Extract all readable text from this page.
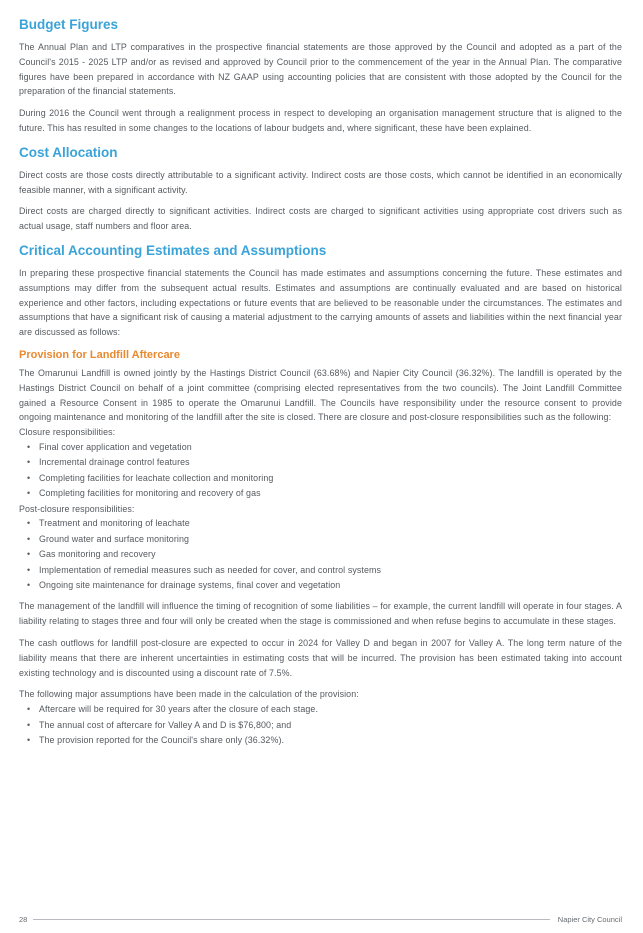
Budget Figures

The Annual Plan and LTP comparatives in the prospective financial statements are those approved by the Council and adopted as a part of the Council's 2015 - 2025 LTP and/or as revised and approved by Council prior to the commencement of the year in the Annual Plan. The comparative figures have been prepared in accordance with NZ GAAP using accounting policies that are consistent with those adopted by the Council for the preparation of the financial statements.

During 2016 the Council went through a realignment process in respect to developing an organisation management structure that is aligned to the future. This has resulted in some changes to the locations of labour budgets and, where significant, these have been explained.

Cost Allocation

Direct costs are those costs directly attributable to a significant activity. Indirect costs are those costs, which cannot be identified in an economically feasible manner, with a significant activity.

Direct costs are charged directly to significant activities. Indirect costs are charged to significant activities using appropriate cost drivers such as actual usage, staff numbers and floor area.

Critical Accounting Estimates and Assumptions

In preparing these prospective financial statements the Council has made estimates and assumptions concerning the future. These estimates and assumptions may differ from the subsequent actual results. Estimates and assumptions are continually evaluated and are based on historical experience and other factors, including expectations or future events that are believed to be reasonable under the circumstances. The estimates and assumptions that have a significant risk of causing a material adjustment to the carrying amounts of assets and liabilities within the next financial year are discussed as follows:

Provision for Landfill Aftercare

The Omarunui Landfill is owned jointly by the Hastings District Council (63.68%) and Napier City Council (36.32%). The landfill is operated by the Hastings District Council on behalf of a joint committee (comprising elected representatives from the two councils). The Joint Landfill Committee gained a Resource Consent in 1985 to operate the Omarunui Landfill. The Councils have responsibility under the resource consent to provide ongoing maintenance and monitoring of the landfill after the site is closed. There are closure and post-closure responsibilities such as the following:

Closure responsibilities:
• Final cover application and vegetation
• Incremental drainage control features
• Completing facilities for leachate collection and monitoring
• Completing facilities for monitoring and recovery of gas
Post-closure responsibilities:
• Treatment and monitoring of leachate
• Ground water and surface monitoring
• Gas monitoring and recovery
• Implementation of remedial measures such as needed for cover, and control systems
• Ongoing site maintenance for drainage systems, final cover and vegetation

The management of the landfill will influence the timing of recognition of some liabilities – for example, the current landfill will operate in four stages. A liability relating to stages three and four will only be created when the stage is commissioned and when refuse begins to accumulate in these stages.

The cash outflows for landfill post-closure are expected to occur in 2024 for Valley D and began in 2007 for Valley A. The long term nature of the liability means that there are inherent uncertainties in estimating costs that will be incurred. The provision has been estimated taking into account existing technology and is discounted using a discount rate of 7.5%.

The following major assumptions have been made in the calculation of the provision:
• Aftercare will be required for 30 years after the closure of each stage.
• The annual cost of aftercare for Valley A and D is $76,800; and
• The provision reported for the Council's share only (36.32%).
28	Napier City Council
